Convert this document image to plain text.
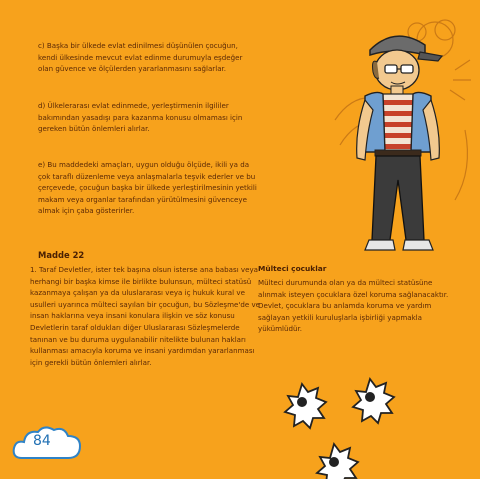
c) Başka bir ülkede evlat edinilmesi düşünülen çocuğun, kendi ülkesinde mevcut evlat edinme durumuyla eşdeğer olan güvence ve ölçülerden yararlanmasını sağlarlar.
d) Ülkelerarası evlat edinmede, yerleştirmenin ilgililer bakımından yasadışı para kazanma konusu olmaması için gereken bütün önlemleri alırlar.
e) Bu maddedeki amaçları, uygun olduğu ölçüde, ikili ya da çok taraflı düzenleme veya anlaşmalarla teşvik ederler ve bu çerçevede, çocuğun başka bir ülkede yerleştirilmesinin yetkili makam veya organlar tarafından yürütülmesini güvenceye almak için çaba gösterirler.
Madde 22
1. Taraf Devletler, ister tek başına olsun isterse ana babası veya herhangi bir başka kimse ile birlikte bulunsun, mülteci statüsü kazanmaya çalışan ya da uluslararası veya iç hukuk kural ve usulleri uyarınca mülteci sayılan bir çocuğun, bu Sözleşme'de ve insan haklarına veya insani konulara ilişkin ve söz konusu Devletlerin taraf oldukları diğer Uluslararası Sözleşmelerde tanınan ve bu duruma uygulanabilir nitelikte bulunan hakları kullanması amacıyla koruma ve insani yardımdan yararlanması için gerekli bütün önlemleri alırlar.
Mülteci çocuklar
Mülteci durumunda olan ya da mülteci statüsüne alınmak isteyen çocuklara özel koruma sağlanacaktır. Devlet, çocuklara bu anlamda koruma ve yardım sağlayan yetkili kuruluşlarla işbirliği yapmakla yükümlüdür.
84
